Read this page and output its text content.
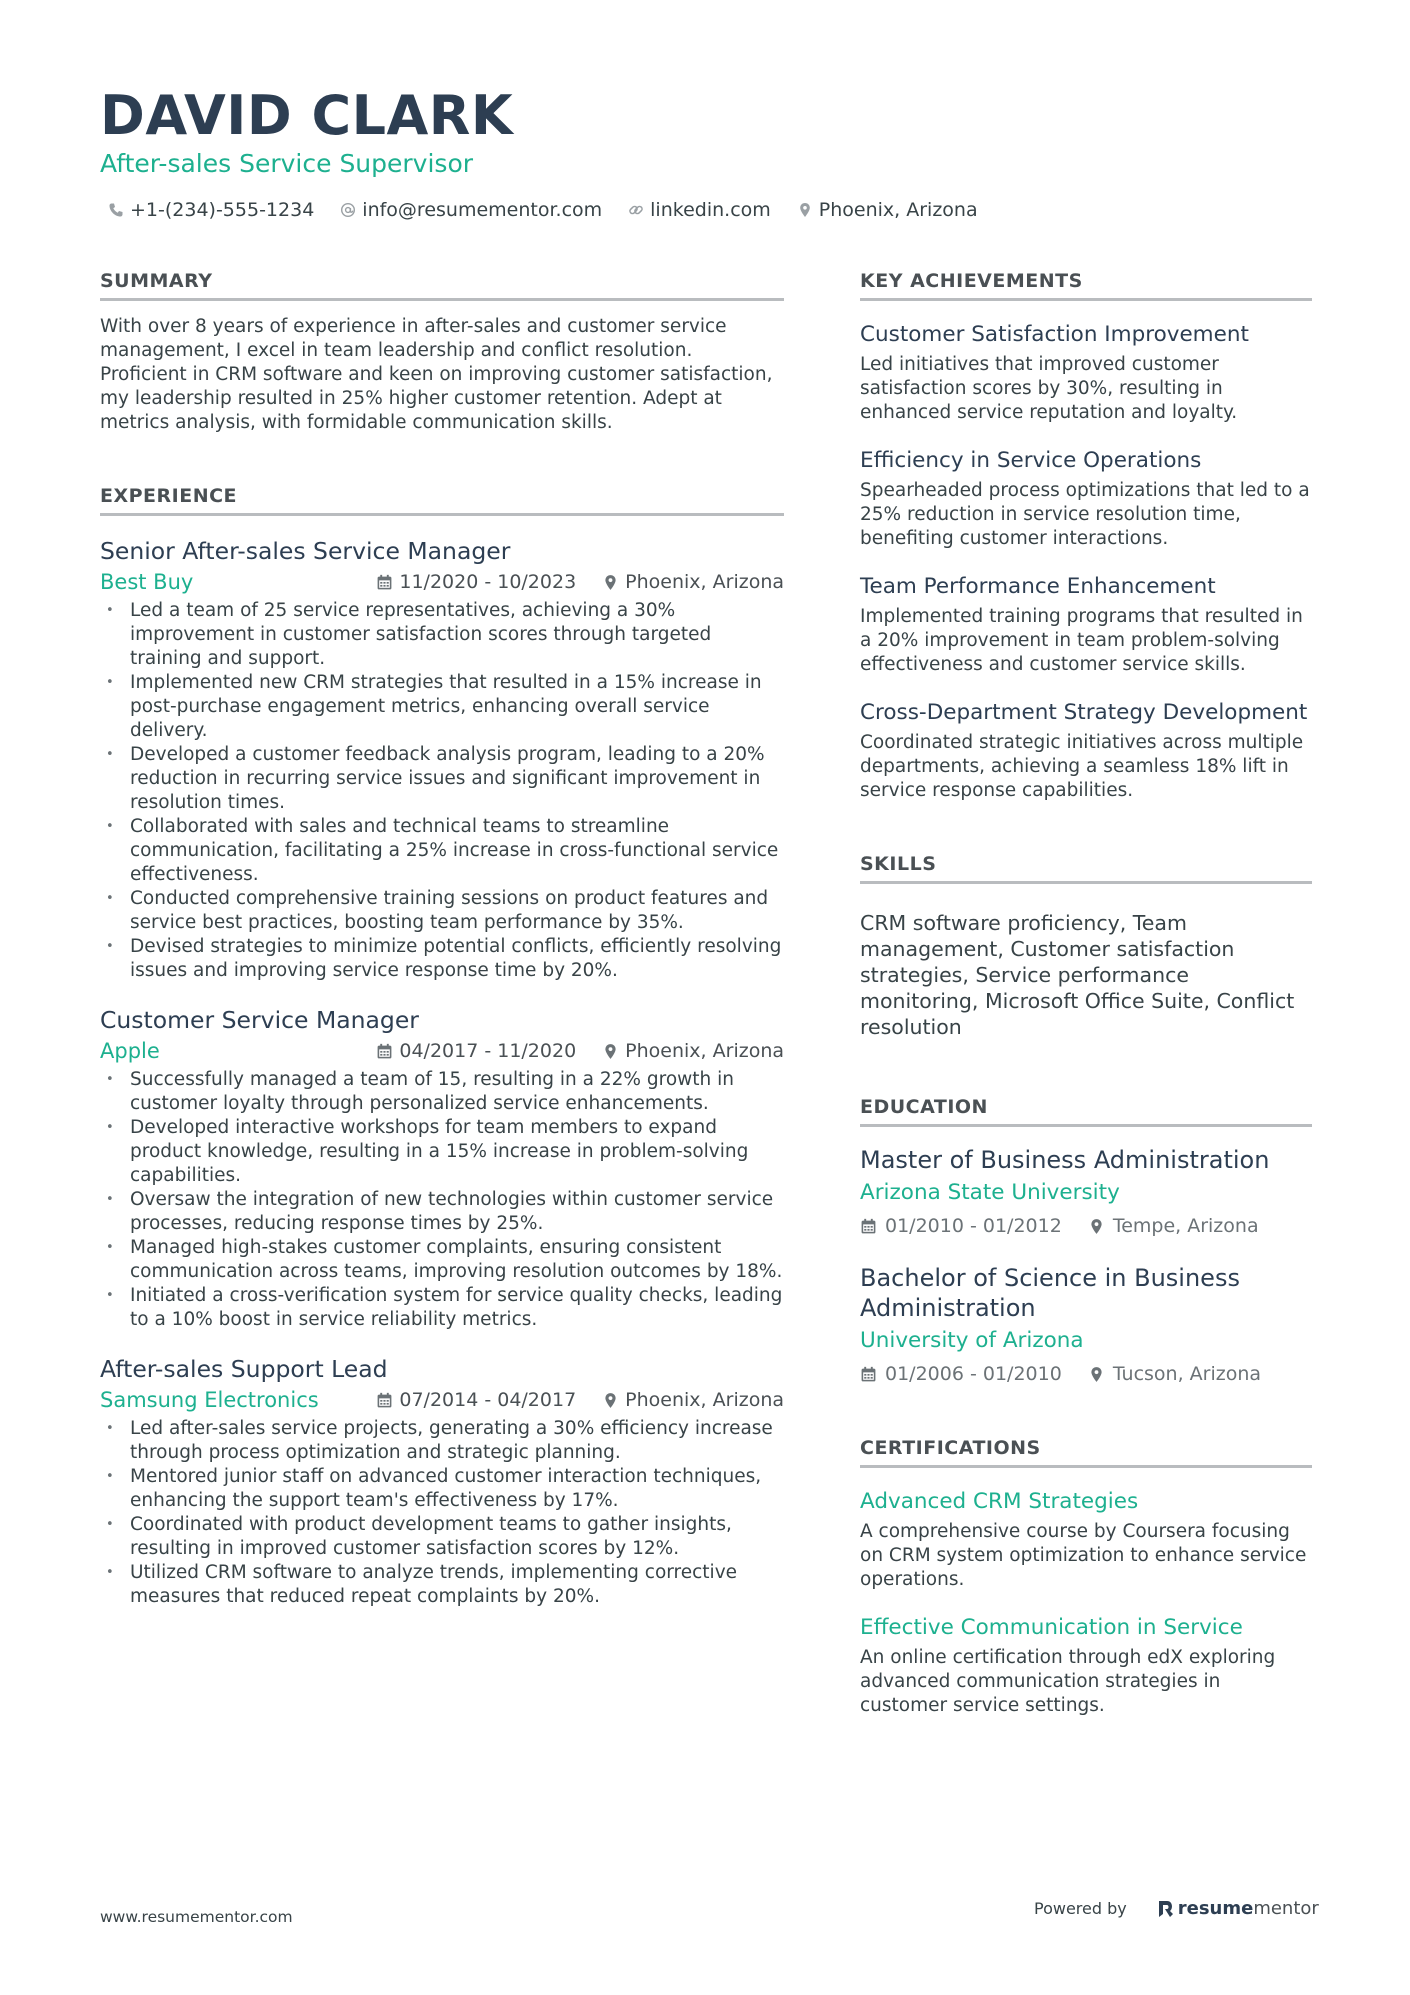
DAVID CLARK
After-sales Service Supervisor
+1-(234)-555-1234	info@resumementor.com	linkedin.com	Phoenix, Arizona
SUMMARY

With over 8 years of experience in after-sales and customer service management, I excel in team leadership and conflict resolution. Proficient in CRM software and keen on improving customer satisfaction, my leadership resulted in 25% higher customer retention. Adept at metrics analysis, with formidable communication skills.

EXPERIENCE
Senior After-sales Service Manager
Best Buy	11/2020 - 10/2023	Phoenix, Arizona
• Led a team of 25 service representatives, achieving a 30% improvement in customer satisfaction scores through targeted training and support.
• Implemented new CRM strategies that resulted in a 15% increase in post-purchase engagement metrics, enhancing overall service delivery.
• Developed a customer feedback analysis program, leading to a 20% reduction in recurring service issues and significant improvement in resolution times.
• Collaborated with sales and technical teams to streamline communication, facilitating a 25% increase in cross-functional service effectiveness.
• Conducted comprehensive training sessions on product features and service best practices, boosting team performance by 35%.
• Devised strategies to minimize potential conflicts, efficiently resolving issues and improving service response time by 20%.
Customer Service Manager
Apple	04/2017 - 11/2020	Phoenix, Arizona
• Successfully managed a team of 15, resulting in a 22% growth in customer loyalty through personalized service enhancements.
• Developed interactive workshops for team members to expand product knowledge, resulting in a 15% increase in problem-solving capabilities.
• Oversaw the integration of new technologies within customer service processes, reducing response times by 25%.
• Managed high-stakes customer complaints, ensuring consistent communication across teams, improving resolution outcomes by 18%.
• Initiated a cross-verification system for service quality checks, leading to a 10% boost in service reliability metrics.
After-sales Support Lead
Samsung Electronics	07/2014 - 04/2017	Phoenix, Arizona
• Led after-sales service projects, generating a 30% efficiency increase through process optimization and strategic planning.
• Mentored junior staff on advanced customer interaction techniques, enhancing the support team's effectiveness by 17%.
• Coordinated with product development teams to gather insights, resulting in improved customer satisfaction scores by 12%.
• Utilized CRM software to analyze trends, implementing corrective measures that reduced repeat complaints by 20%.
KEY ACHIEVEMENTS
Customer Satisfaction Improvement
Led initiatives that improved customer satisfaction scores by 30%, resulting in enhanced service reputation and loyalty.
Efficiency in Service Operations
Spearheaded process optimizations that led to a 25% reduction in service resolution time, benefiting customer interactions.
Team Performance Enhancement
Implemented training programs that resulted in a 20% improvement in team problem-solving effectiveness and customer service skills.
Cross-Department Strategy Development
Coordinated strategic initiatives across multiple departments, achieving a seamless 18% lift in service response capabilities.
SKILLS
CRM software proficiency, Team management, Customer satisfaction strategies, Service performance monitoring, Microsoft Office Suite, Conflict resolution
EDUCATION
Master of Business Administration
Arizona State University
01/2010 - 01/2012	Tempe, Arizona
Bachelor of Science in Business Administration
University of Arizona
01/2006 - 01/2010	Tucson, Arizona
CERTIFICATIONS
Advanced CRM Strategies
A comprehensive course by Coursera focusing on CRM system optimization to enhance service operations.
Effective Communication in Service
An online certification through edX exploring advanced communication strategies in customer service settings.
www.resumementor.com	Powered by	resume mentor
